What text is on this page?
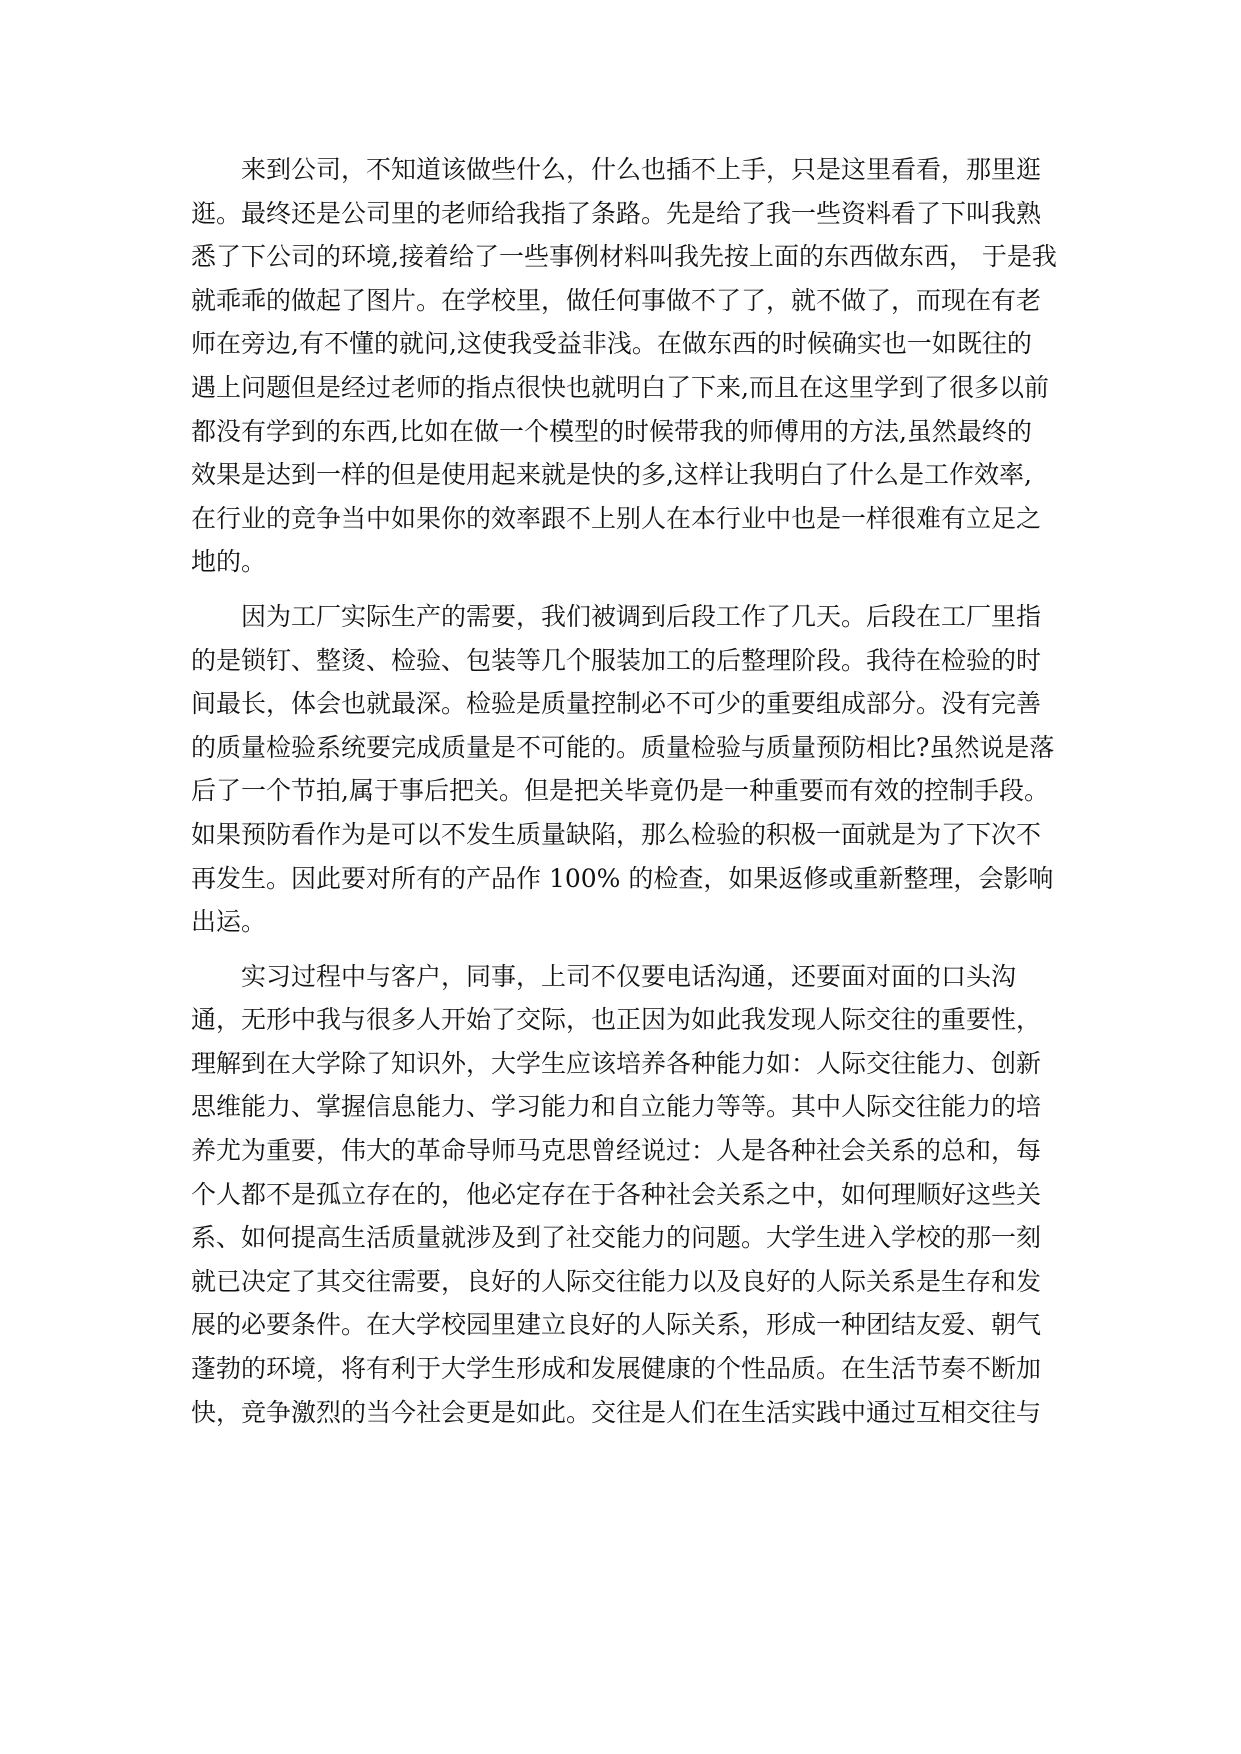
来到公司，不知道该做些什么，什么也插不上手，只是这里看看，那里逛
逛。最终还是公司里的老师给我指了条路。先是给了我一些资料看了下叫我熟
悉了下公司的环境,接着给了一些事例材料叫我先按上面的东西做东西， 于是我
就乖乖的做起了图片。在学校里，做任何事做不了了，就不做了，而现在有老
师在旁边,有不懂的就问,这使我受益非浅。在做东西的时候确实也一如既往的
遇上问题但是经过老师的指点很快也就明白了下来,而且在这里学到了很多以前
都没有学到的东西,比如在做一个模型的时候带我的师傅用的方法,虽然最终的
效果是达到一样的但是使用起来就是快的多,这样让我明白了什么是工作效率,
在行业的竞争当中如果你的效率跟不上别人在本行业中也是一样很难有立足之
地的。
因为工厂实际生产的需要，我们被调到后段工作了几天。后段在工厂里指
的是锁钉、整烫、检验、包装等几个服装加工的后整理阶段。我待在检验的时
间最长，体会也就最深。检验是质量控制必不可少的重要组成部分。没有完善
的质量检验系统要完成质量是不可能的。质量检验与质量预防相比?虽然说是落
后了一个节拍,属于事后把关。但是把关毕竟仍是一种重要而有效的控制手段。
如果预防看作为是可以不发生质量缺陷，那么检验的积极一面就是为了下次不
再发生。因此要对所有的产品作 100% 的检查，如果返修或重新整理，会影响
出运。
实习过程中与客户，同事，上司不仅要电话沟通，还要面对面的口头沟
通，无形中我与很多人开始了交际，也正因为如此我发现人际交往的重要性，
理解到在大学除了知识外，大学生应该培养各种能力如：人际交往能力、创新
思维能力、掌握信息能力、学习能力和自立能力等等。其中人际交往能力的培
养尤为重要，伟大的革命导师马克思曾经说过：人是各种社会关系的总和，每
个人都不是孤立存在的，他必定存在于各种社会关系之中，如何理顺好这些关
系、如何提高生活质量就涉及到了社交能力的问题。大学生进入学校的那一刻
就已决定了其交往需要，良好的人际交往能力以及良好的人际关系是生存和发
展的必要条件。在大学校园里建立良好的人际关系，形成一种团结友爱、朝气
蓬勃的环境，将有利于大学生形成和发展健康的个性品质。在生活节奏不断加
快，竞争激烈的当今社会更是如此。交往是人们在生活实践中通过互相交往与
